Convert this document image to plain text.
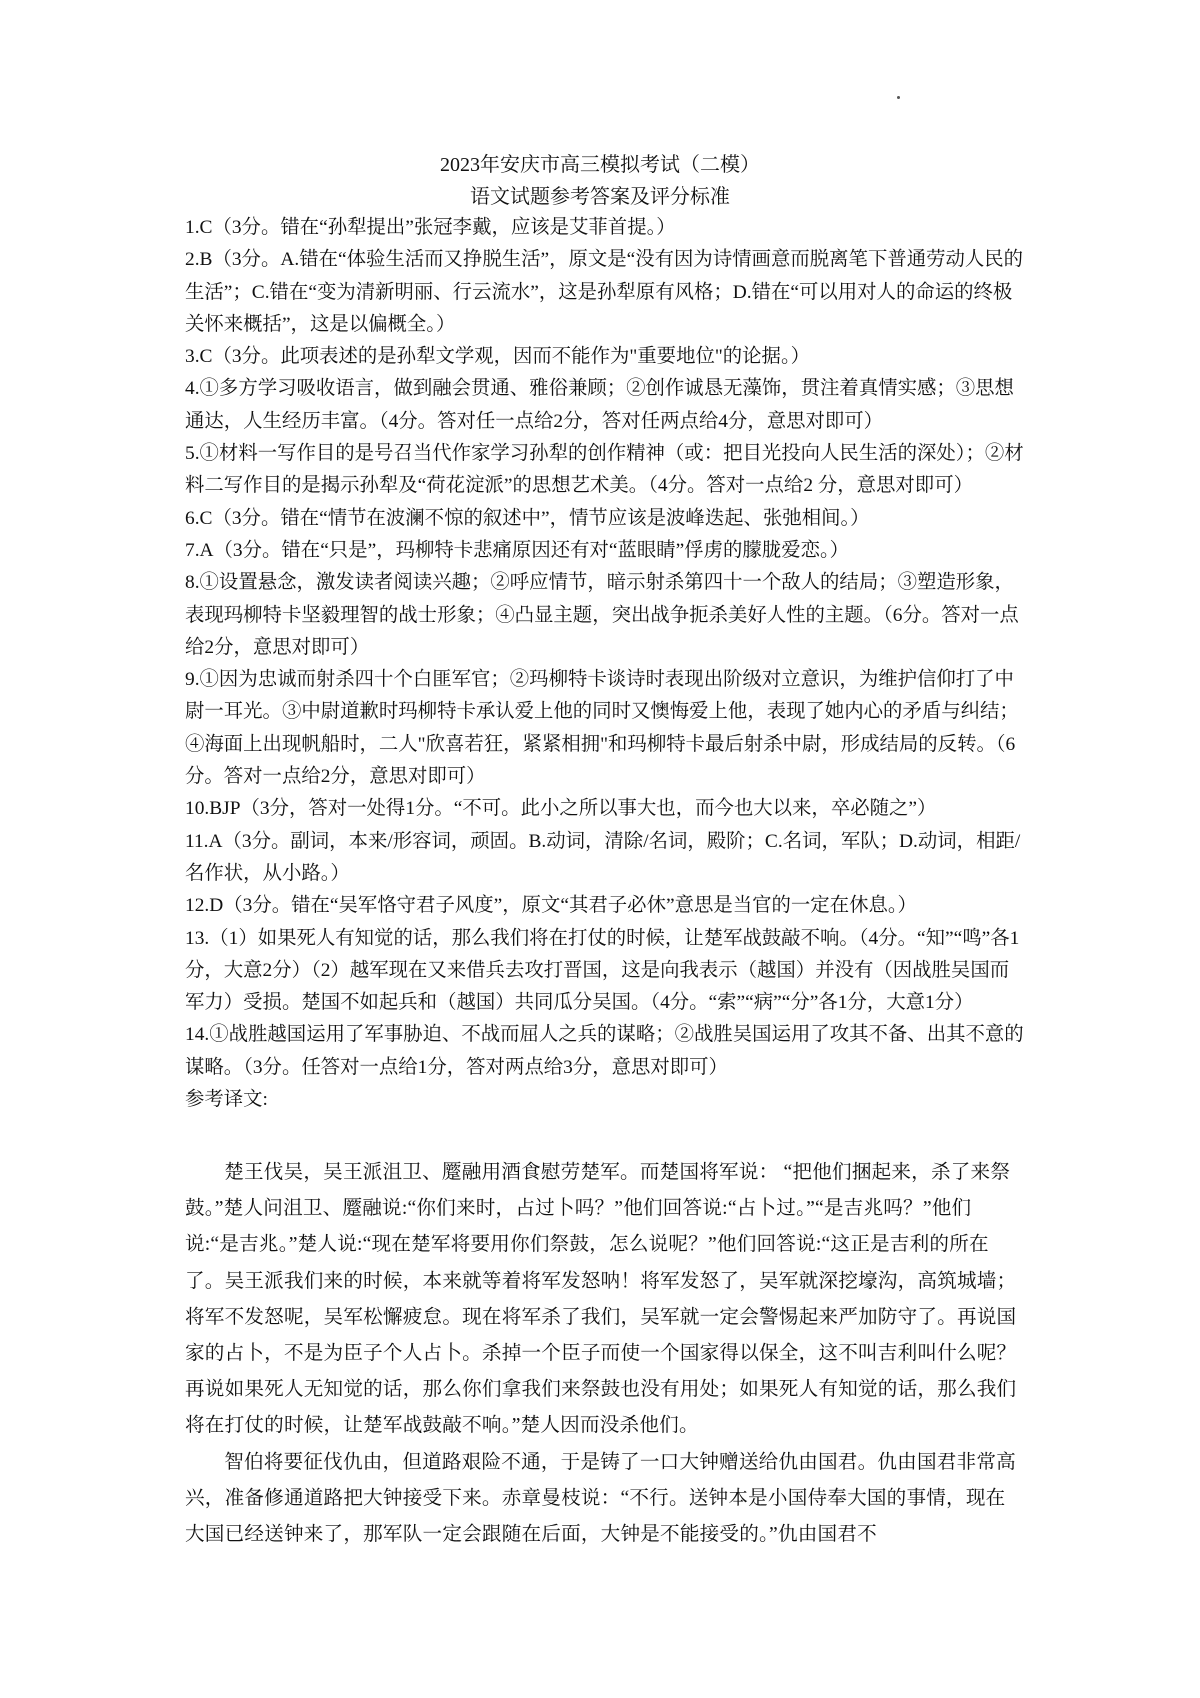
2023年安庆市高三模拟考试（二模）
语文试题参考答案及评分标准

1.C（3分。错在“孙犁提出”张冠李戴，应该是艾菲首提。）

2.B（3分。A.错在“体验生活而又挣脱生活”，原文是“没有因为诗情画意而脱离笔下普通劳动人民的生活”；C.错在“变为清新明丽、行云流水”，这是孙犁原有风格；D.错在“可以用对人的命运的终极关怀来概括”，这是以偏概全。）

3.C（3分。此项表述的是孙犁文学观，因而不能作为"重要地位"的论据。）

4.①多方学习吸收语言，做到融会贯通、雅俗兼顾；②创作诚恳无藻饰，贯注着真情实感；③思想通达，人生经历丰富。（4分。答对任一点给2分，答对任两点给4分，意思对即可）

5.①材料一写作目的是号召当代作家学习孙犁的创作精神（或：把目光投向人民生活的深处）；②材料二写作目的是揭示孙犁及“荷花淀派”的思想艺术美。（4分。答对一点给2 分，意思对即可）

6.C（3分。错在“情节在波澜不惊的叙述中”，情节应该是波峰迭起、张弛相间。）

7.A（3分。错在“只是”，玛柳特卡悲痛原因还有对“蓝眼睛”俘虏的朦胧爱恋。）

8.①设置悬念，激发读者阅读兴趣；②呼应情节，暗示射杀第四十一个敌人的结局；③塑造形象，表现玛柳特卡坚毅理智的战士形象；④凸显主题，突出战争扼杀美好人性的主题。（6分。答对一点给2分，意思对即可）

9.①因为忠诚而射杀四十个白匪军官；②玛柳特卡谈诗时表现出阶级对立意识，为维护信仰打了中尉一耳光。③中尉道歉时玛柳特卡承认爱上他的同时又懊悔爱上他，表现了她内心的矛盾与纠结；④海面上出现帆船时，二人"欣喜若狂，紧紧相拥"和玛柳特卡最后射杀中尉，形成结局的反转。（6分。答对一点给2分，意思对即可）

10.BJP（3分，答对一处得1分。“不可。此小之所以事大也，而今也大以来，卒必随之”）

11.A（3分。副词，本来/形容词，顽固。B.动词，清除/名词，殿阶；C.名词，军队；D.动词，相距/名作状，从小路。）

12.D（3分。错在“吴军恪守君子风度”，原文“其君子必休”意思是当官的一定在休息。）

13.（1）如果死人有知觉的话，那么我们将在打仗的时候，让楚军战鼓敲不响。（4分。“知”“鸣”各1分，大意2分）（2）越军现在又来借兵去攻打晋国，这是向我表示（越国）并没有（因战胜吴国而军力）受损。楚国不如起兵和（越国）共同瓜分吴国。（4分。“索”“病”“分”各1分，大意1分）

14.①战胜越国运用了军事胁迫、不战而屈人之兵的谋略；②战胜吴国运用了攻其不备、出其不意的谋略。（3分。任答对一点给1分，答对两点给3分，意思对即可）

参考译文:

楚王伐吴，吴王派沮卫、蹷融用酒食慰劳楚军。而楚国将军说： “把他们捆起来，杀了来祭鼓。”楚人问沮卫、蹷融说:“你们来时，占过卜吗？”他们回答说:“占卜过。”“是吉兆吗？”他们说:“是吉兆。”楚人说:“现在楚军将要用你们祭鼓，怎么说呢？”他们回答说:“这正是吉利的所在了。吴王派我们来的时候，本来就等着将军发怒呐！将军发怒了，吴军就深挖壕沟，高筑城墙；将军不发怒呢，吴军松懈疲怠。现在将军杀了我们，吴军就一定会警惕起来严加防守了。再说国家的占卜，不是为臣子个人占卜。杀掉一个臣子而使一个国家得以保全，这不叫吉利叫什么呢？再说如果死人无知觉的话，那么你们拿我们来祭鼓也没有用处；如果死人有知觉的话，那么我们将在打仗的时候，让楚军战鼓敲不响。”楚人因而没杀他们。

智伯将要征伐仇由，但道路艰险不通，于是铸了一口大钟赠送给仇由国君。仇由国君非常高兴，准备修通道路把大钟接受下来。赤章曼枝说：“不行。送钟本是小国侍奉大国的事情，现在大国已经送钟来了，那军队一定会跟随在后面，大钟是不能接受的。”仇由国君不
